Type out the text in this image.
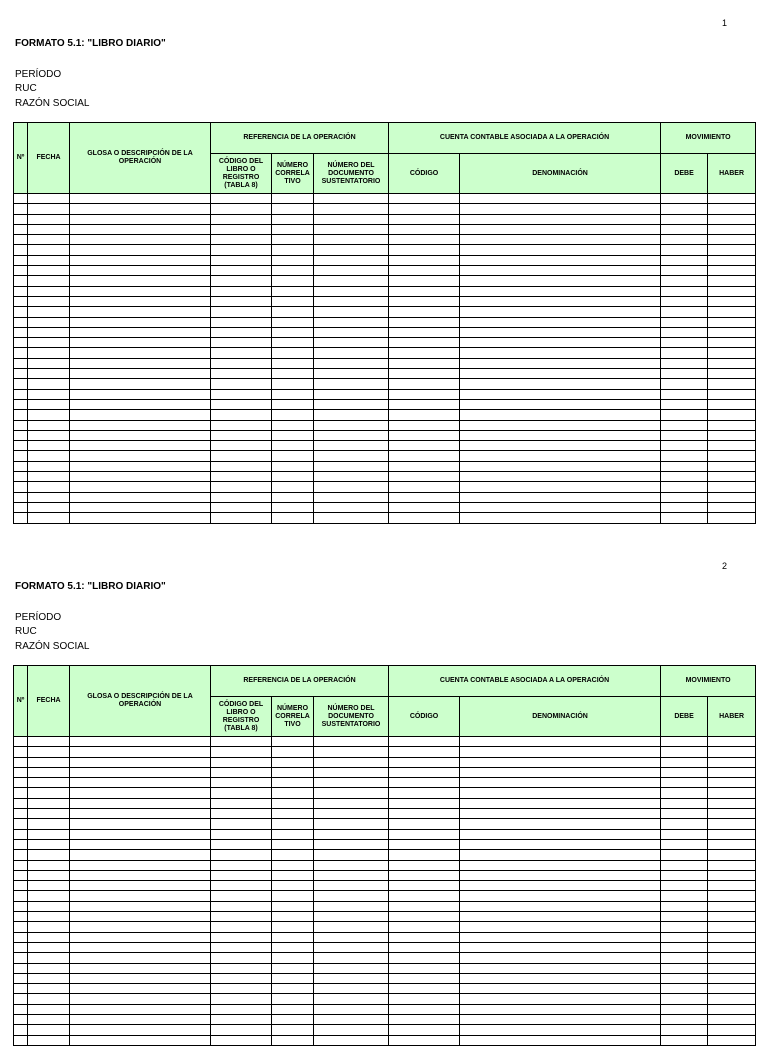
1
FORMATO 5.1: "LIBRO DIARIO"
PERÍODO
RUC
RAZÓN SOCIAL
Nº	FECHA	GLOSA O DESCRIPCIÓN DE LA OPERACIÓN	REFERENCIA DE LA OPERACIÓN			CUENTA CONTABLE ASOCIADA A LA OPERACIÓN		MOVIMIENTO	
			CÓDIGO DEL LIBRO O REGISTRO (TABLA 8)	NÚMERO CORRELA TIVO	NÚMERO DEL DOCUMENTO SUSTENTATORIO	CÓDIGO	DENOMINACIÓN	DEBE	HABER

2
FORMATO 5.1: "LIBRO DIARIO"
PERÍODO
RUC
RAZÓN SOCIAL
Nº	FECHA	GLOSA O DESCRIPCIÓN DE LA OPERACIÓN	REFERENCIA DE LA OPERACIÓN			CUENTA CONTABLE ASOCIADA A LA OPERACIÓN		MOVIMIENTO	
			CÓDIGO DEL LIBRO O REGISTRO (TABLA 8)	NÚMERO CORRELA TIVO	NÚMERO DEL DOCUMENTO SUSTENTATORIO	CÓDIGO	DENOMINACIÓN	DEBE	HABER
